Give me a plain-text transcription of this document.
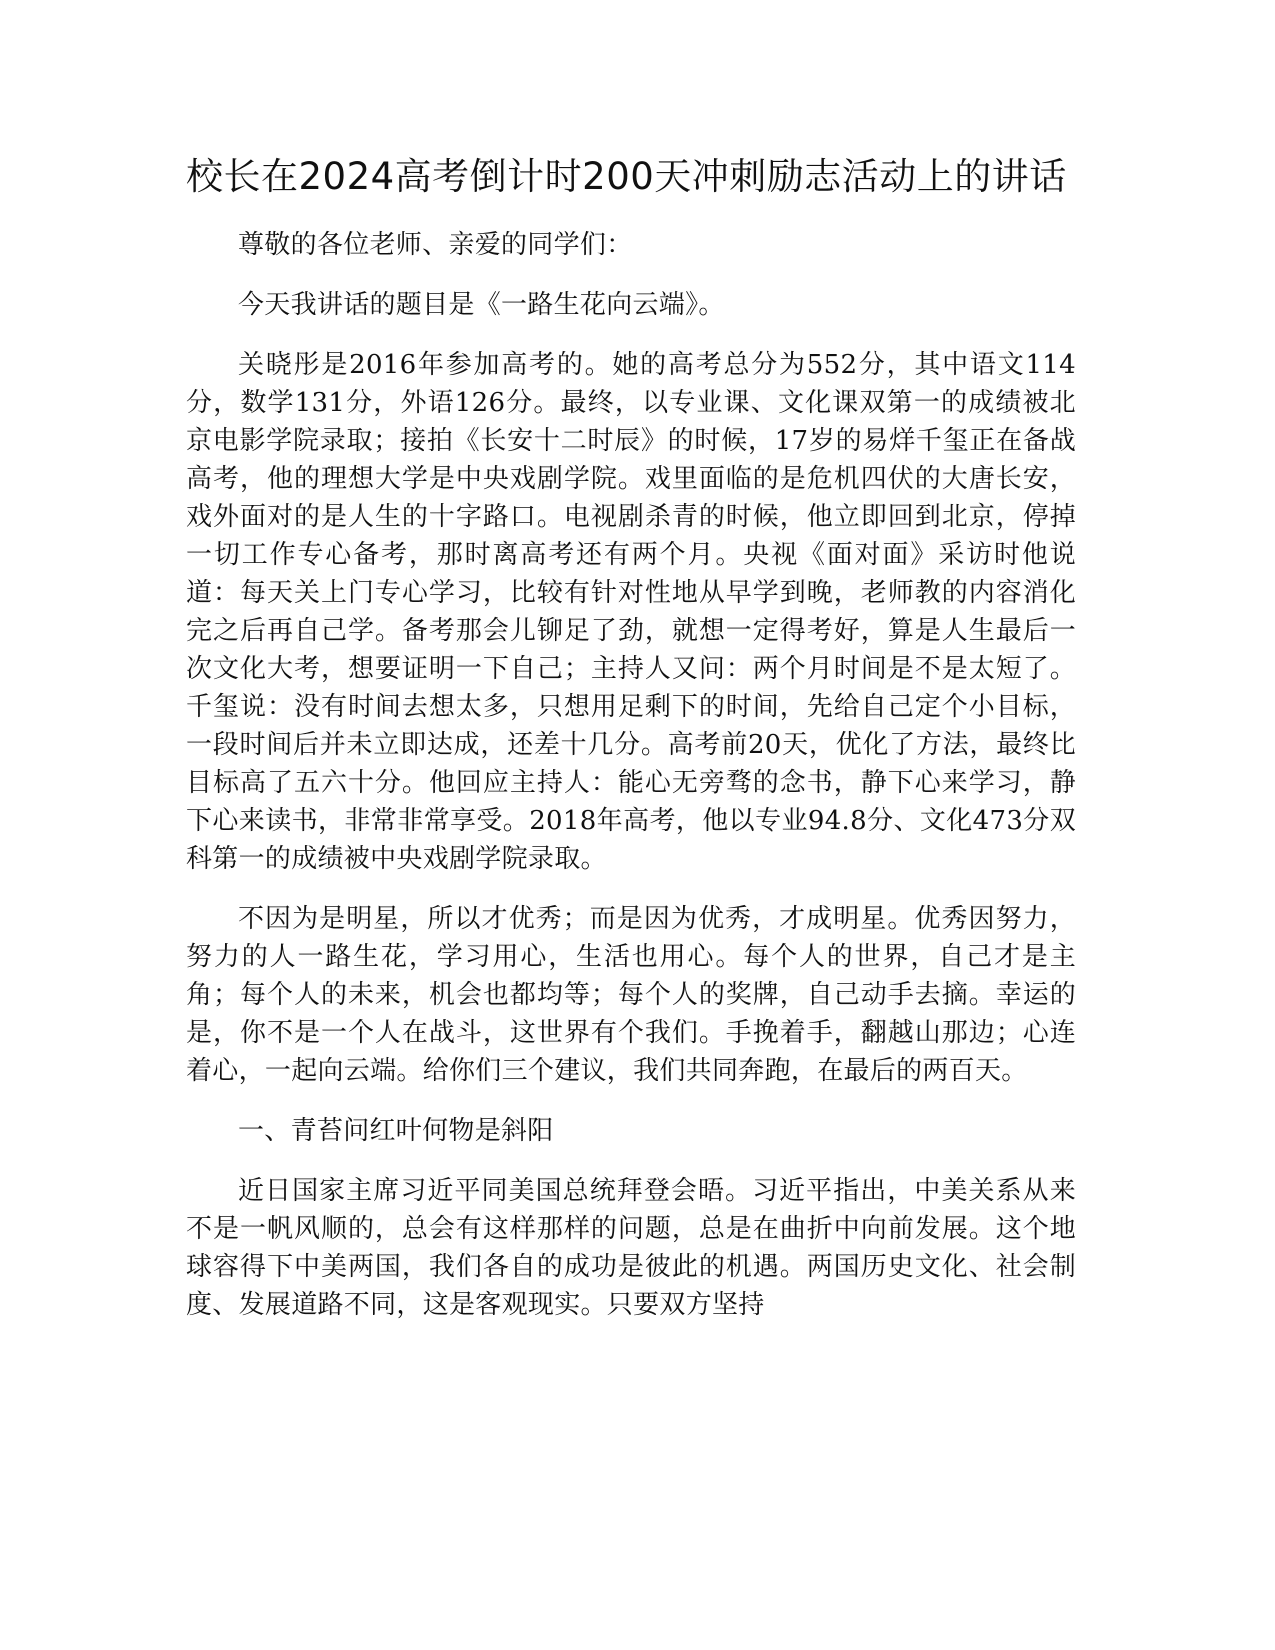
校长在2024高考倒计时200天冲刺励志活动上的讲话

尊敬的各位老师、亲爱的同学们：

今天我讲话的题目是《一路生花向云端》。

关晓彤是2016年参加高考的。她的高考总分为552分，其中语文114分，数学131分，外语126分。最终，以专业课、文化课双第一的成绩被北京电影学院录取；接拍《长安十二时辰》的时候，17岁的易烊千玺正在备战高考，他的理想大学是中央戏剧学院。戏里面临的是危机四伏的大唐长安，戏外面对的是人生的十字路口。电视剧杀青的时候，他立即回到北京，停掉一切工作专心备考，那时离高考还有两个月。央视《面对面》采访时他说道：每天关上门专心学习，比较有针对性地从早学到晚，老师教的内容消化完之后再自己学。备考那会儿铆足了劲，就想一定得考好，算是人生最后一次文化大考，想要证明一下自己；主持人又问：两个月时间是不是太短了。千玺说：没有时间去想太多，只想用足剩下的时间，先给自己定个小目标，一段时间后并未立即达成，还差十几分。高考前20天，优化了方法，最终比目标高了五六十分。他回应主持人：能心无旁骛的念书，静下心来学习，静下心来读书，非常非常享受。2018年高考，他以专业94.8分、文化473分双科第一的成绩被中央戏剧学院录取。

不因为是明星，所以才优秀；而是因为优秀，才成明星。优秀因努力，努力的人一路生花，学习用心，生活也用心。每个人的世界，自己才是主角；每个人的未来，机会也都均等；每个人的奖牌，自己动手去摘。幸运的是，你不是一个人在战斗，这世界有个我们。手挽着手，翻越山那边；心连着心，一起向云端。给你们三个建议，我们共同奔跑，在最后的两百天。

一、青苔问红叶何物是斜阳

近日国家主席习近平同美国总统拜登会晤。习近平指出，中美关系从来不是一帆风顺的，总会有这样那样的问题，总是在曲折中向前发展。这个地球容得下中美两国，我们各自的成功是彼此的机遇。两国历史文化、社会制度、发展道路不同，这是客观现实。只要双方坚持
